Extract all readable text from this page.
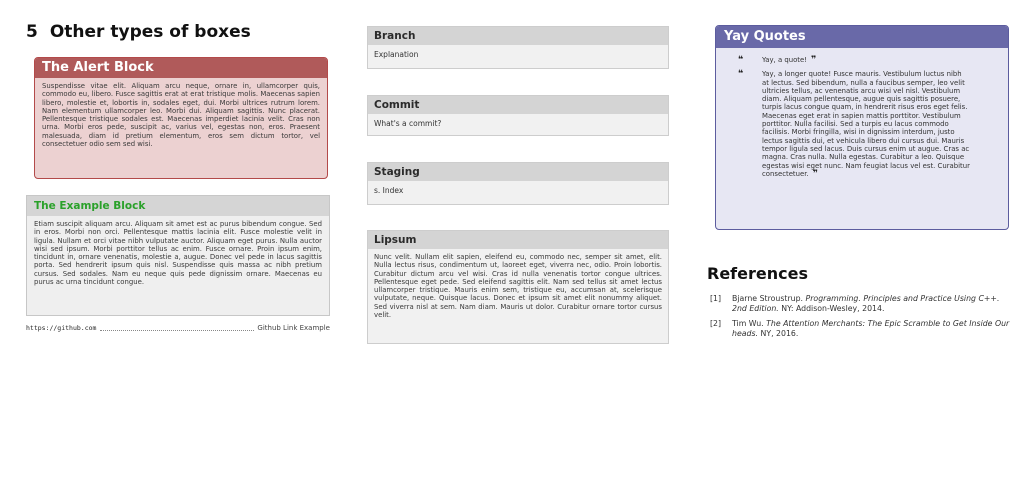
5 Other types of boxes
The Alert Block
Suspendisse vitae elit. Aliquam arcu neque, ornare in, ullamcorper quis, commodo eu, libero. Fusce sagittis erat at erat tristique molis. Maecenas sapien libero, molestie et, lobortis in, sodales eget, dui. Morbi ultrices rutrum lorem. Nam elementum ullamcorper leo. Morbi dui. Aliquam sagittis. Nunc placerat. Pellentesque tristique sodales est. Maecenas imperdiet lacinia velit. Cras non urna. Morbi eros pede, suscipit ac, varius vel, egestas non, eros. Praesent malesuada, diam id pretium elementum, eros sem dictum tortor, vel consectetuer odio sem sed wisi.
The Example Block
Etiam suscipit aliquam arcu. Aliquam sit amet est ac purus bibendum congue. Sed in eros. Morbi non orci. Pellentesque mattis lacinia elit. Fusce molestie velit in ligula. Nullam et orci vitae nibh vulputate auctor. Aliquam eget purus. Nulla auctor wisi sed ipsum. Morbi porttitor tellus ac enim. Fusce ornare. Proin ipsum enim, tincidunt in, ornare venenatis, molestie a, augue. Donec vel pede in lacus sagittis porta. Sed hendrerit ipsum quis nisl. Suspendisse quis massa ac nibh pretium cursus. Sed sodales. Nam eu neque quis pede dignissim ornare. Maecenas eu purus ac urna tincidunt congue.
https://github.com	Github Link Example
Branch
Explanation
Commit
What's a commit?
Staging
s. Index
Lipsum
Nunc velit. Nullam elit sapien, eleifend eu, commodo nec, semper sit amet, elit. Nulla lectus risus, condimentum ut, laoreet eget, viverra nec, odio. Proin lobortis. Curabitur dictum arcu vel wisi. Cras id nulla venenatis tortor congue ultrices. Pellentesque eget pede. Sed eleifend sagittis elit. Nam sed tellus sit amet lectus ullamcorper tristique. Mauris enim sem, tristique eu, accumsan at, scelerisque vulputate, neque. Quisque lacus. Donec et ipsum sit amet elit nonummy aliquet. Sed viverra nisl at sem. Nam diam. Mauris ut dolor. Curabitur ornare tortor cursus velit.
Yay Quotes
❝	Yay, a quote! ❞
❝	Yay, a longer quote! Fusce mauris. Vestibulum luctus nibh at lectus. Sed bibendum, nulla a faucibus semper, leo velit ultricies tellus, ac venenatis arcu wisi vel nisl. Vestibulum diam. Aliquam pellentesque, augue quis sagittis posuere, turpis lacus congue quam, in hendrerit risus eros eget felis. Maecenas eget erat in sapien mattis porttitor. Vestibulum porttitor. Nulla facilisi. Sed a turpis eu lacus commodo facilisis. Morbi fringilla, wisi in dignissim interdum, justo lectus sagittis dui, et vehicula libero dui cursus dui. Mauris tempor ligula sed lacus. Duis cursus enim ut augue. Cras ac magna. Cras nulla. Nulla egestas. Curabitur a leo. Quisque egestas wisi eget nunc. Nam feugiat lacus vel est. Curabitur consectetuer. ❞
References
[1] Bjarne Stroustrup. Programming. Principles and Practice Using C++. 2nd Edition. NY: Addison-Wesley, 2014.
[2] Tim Wu. The Attention Merchants: The Epic Scramble to Get Inside Our heads. NY, 2016.
